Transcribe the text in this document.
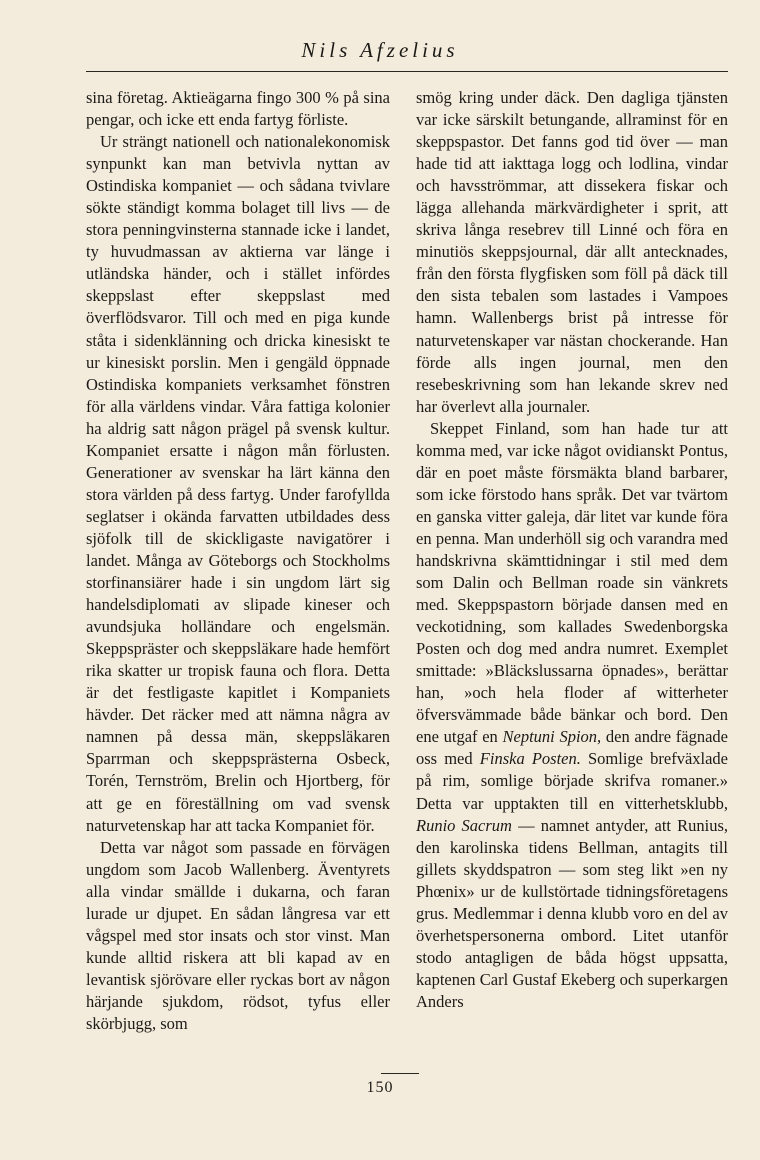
Nils Afzelius

sina företag. Aktieägarna fingo 300 % på sina pengar, och icke ett enda fartyg förliste.

Ur strängt nationell och nationalekonomisk synpunkt kan man betvivla nyttan av Ostindiska kompaniet — och sådana tvivlare sökte ständigt komma bolaget till livs — de stora penningvinsterna stannade icke i landet, ty huvudmassan av aktierna var länge i utländska händer, och i stället infördes skeppslast efter skeppslast med överflödsvaror. Till och med en piga kunde ståta i sidenklänning och dricka kinesiskt te ur kinesiskt porslin. Men i gengäld öppnade Ostindiska kompaniets verksamhet fönstren för alla världens vindar. Våra fattiga kolonier ha aldrig satt någon prägel på svensk kultur. Kompaniet ersatte i någon mån förlusten. Generationer av svenskar ha lärt känna den stora världen på dess fartyg. Under farofyllda seglatser i okända farvatten utbildades dess sjöfolk till de skickligaste navigatörer i landet. Många av Göteborgs och Stockholms storfinansiärer hade i sin ungdom lärt sig handelsdiplomati av slipade kineser och avundsjuka holländare och engelsmän. Skeppspräster och skeppsläkare hade hemfört rika skatter ur tropisk fauna och flora. Detta är det festligaste kapitlet i Kompaniets hävder. Det räcker med att nämna några av namnen på dessa män, skeppsläkaren Sparrman och skeppsprästerna Osbeck, Torén, Ternström, Brelin och Hjortberg, för att ge en föreställning om vad svensk naturvetenskap har att tacka Kompaniet för.

Detta var något som passade en förvägen ungdom som Jacob Wallenberg. Äventyrets alla vindar smällde i dukarna, och faran lurade ur djupet. En sådan långresa var ett vågspel med stor insats och stor vinst. Man kunde alltid riskera att bli kapad av en levantisk sjörövare eller ryckas bort av någon härjande sjukdom, rödsot, tyfus eller skörbjugg, som

smög kring under däck. Den dagliga tjänsten var icke särskilt betungande, allraminst för en skeppspastor. Det fanns god tid över — man hade tid att iakttaga logg och lodlina, vindar och havsströmmar, att dissekera fiskar och lägga allehanda märkvärdigheter i sprit, att skriva långa resebrev till Linné och föra en minutiös skeppsjournal, där allt antecknades, från den första flygfisken som föll på däck till den sista tebalen som lastades i Vampoes hamn. Wallenbergs brist på intresse för naturvetenskaper var nästan chockerande. Han förde alls ingen journal, men den resebeskrivning som han lekande skrev ned har överlevt alla journaler.

Skeppet Finland, som han hade tur att komma med, var icke något ovidianskt Pontus, där en poet måste försmäkta bland barbarer, som icke förstodo hans språk. Det var tvärtom en ganska vitter galeja, där litet var kunde föra en penna. Man underhöll sig och varandra med handskrivna skämttidningar i stil med dem som Dalin och Bellman roade sin vänkrets med. Skeppspastorn började dansen med en veckotidning, som kallades Swedenborgska Posten och dog med andra numret. Exemplet smittade: »Bläckslussarna öpnades», berättar han, »och hela floder af witterheter öfversvämmade både bänkar och bord. Den ene utgaf en Neptuni Spion, den andre fägnade oss med Finska Posten. Somlige brefväxlade på rim, somlige började skrifva romaner.» Detta var upptakten till en vitterhetsklubb, Runio Sacrum — namnet antyder, att Runius, den karolinska tidens Bellman, antagits till gillets skyddspatron — som steg likt »en ny Phœnix» ur de kullstörtade tidningsföretagens grus. Medlemmar i denna klubb voro en del av överhetspersonerna ombord. Litet utanför stodo antagligen de båda högst uppsatta, kaptenen Carl Gustaf Ekeberg och superkargen Anders

150
